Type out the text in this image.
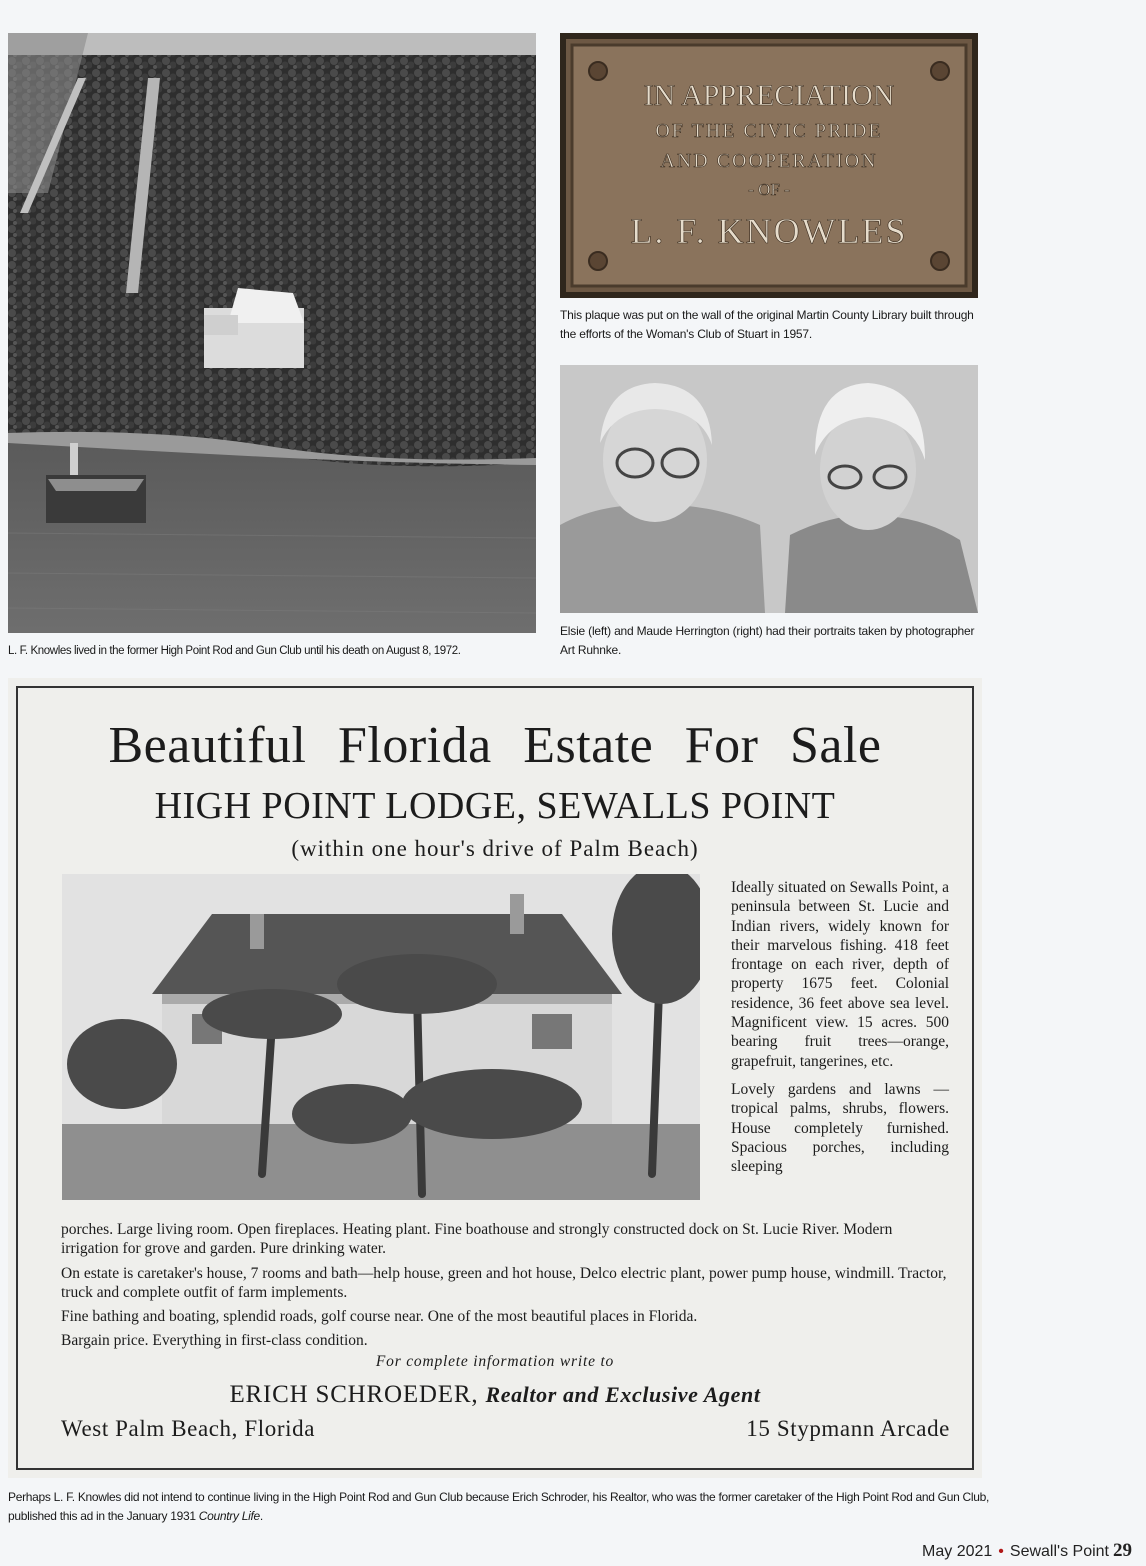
IN APPRECIATION
OF THE CIVIC PRIDE
AND COOPERATION
- OF -
L. F. KNOWLES
This plaque was put on the wall of the original Martin County Library built through the efforts of the Woman's Club of Stuart in 1957.
Elsie (left) and Maude Herrington (right) had their portraits taken by photographer Art Ruhnke.
L. F. Knowles lived in the former High Point Rod and Gun Club until his death on August 8, 1972.
Beautiful Florida Estate For Sale
HIGH POINT LODGE, SEWALLS POINT
(within one hour's drive of Palm Beach)

Ideally situated on Sewalls Point, a peninsula between St. Lucie and Indian rivers, widely known for their marvelous fishing. 418 feet frontage on each river, depth of property 1675 feet. Colonial residence, 36 feet above sea level. Magnificent view. 15 acres. 500 bearing fruit trees—orange, grapefruit, tangerines, etc.

Lovely gardens and lawns —tropical palms, shrubs, flowers. House completely furnished. Spacious porches, including sleeping

porches. Large living room. Open fireplaces. Heating plant. Fine boathouse and strongly constructed dock on St. Lucie River. Modern irrigation for grove and garden. Pure drinking water.

On estate is caretaker's house, 7 rooms and bath—help house, green and hot house, Delco electric plant, power pump house, windmill. Tractor, truck and complete outfit of farm implements.

Fine bathing and boating, splendid roads, golf course near. One of the most beautiful places in Florida.

Bargain price. Everything in first-class condition.

For complete information write to
ERICH SCHROEDER, Realtor and Exclusive Agent
West Palm Beach, Florida	15 Stypmann Arcade
Perhaps L. F. Knowles did not intend to continue living in the High Point Rod and Gun Club because Erich Schroder, his Realtor, who was the former caretaker of the High Point Rod and Gun Club, published this ad in the January 1931 Country Life.
May 2021 • Sewall's Point 29
